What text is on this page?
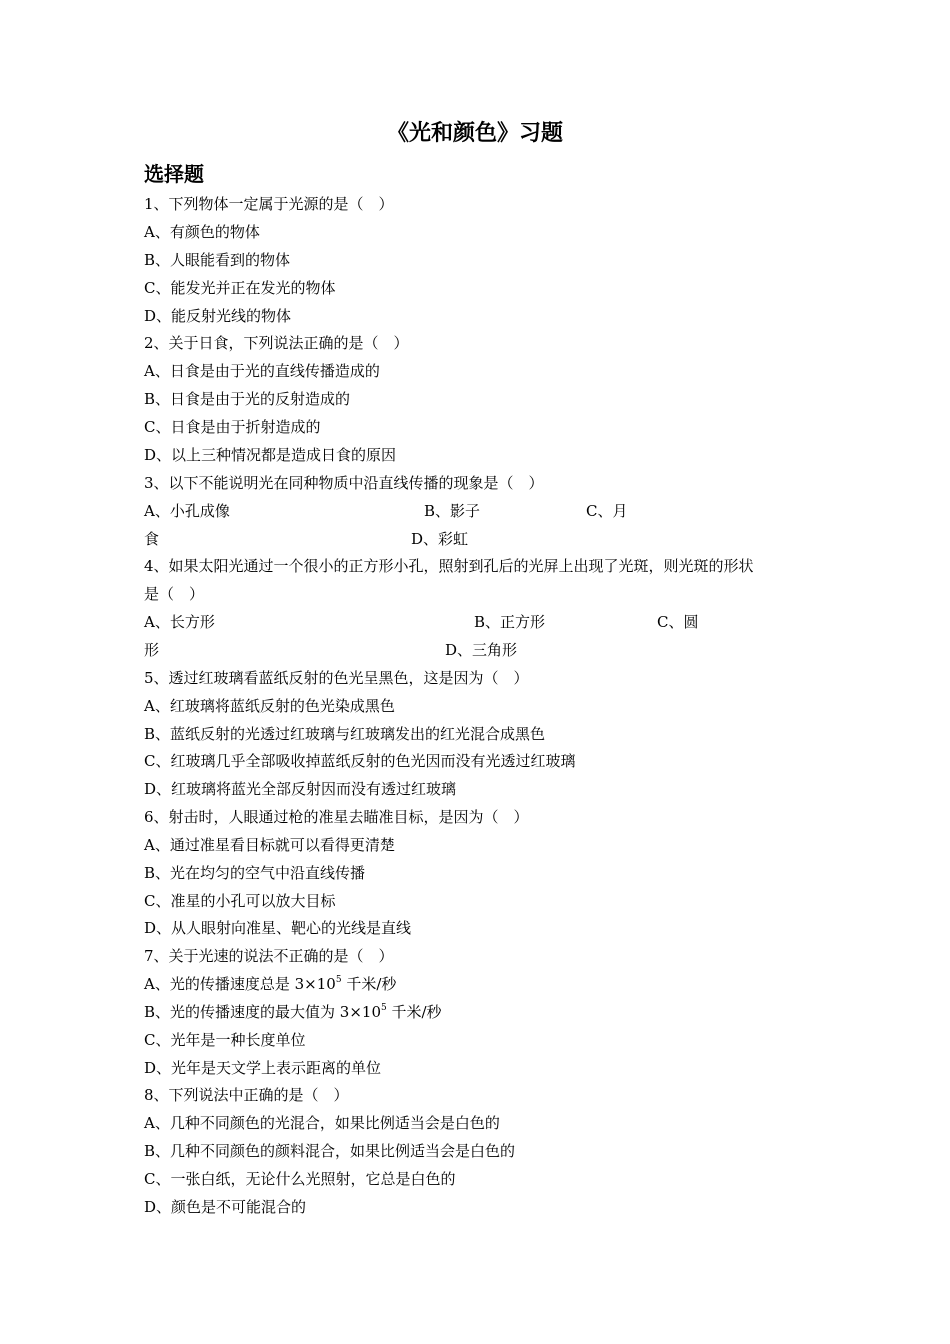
《光和颜色》习题
选择题
1、下列物体一定属于光源的是（　）
A、有颜色的物体
B、人眼能看到的物体
C、能发光并正在发光的物体
D、能反射光线的物体
2、关于日食，下列说法正确的是（　）
A、日食是由于光的直线传播造成的
B、日食是由于光的反射造成的
C、日食是由于折射造成的
D、以上三种情况都是造成日食的原因
3、以下不能说明光在同种物质中沿直线传播的现象是（　）
A、小孔成像	B、影子	C、月
食	D、彩虹
4、如果太阳光通过一个很小的正方形小孔，照射到孔后的光屏上出现了光斑，则光斑的形状
是（　）
A、长方形	B、正方形	C、圆
形	D、三角形
5、透过红玻璃看蓝纸反射的色光呈黑色，这是因为（　）
A、红玻璃将蓝纸反射的色光染成黑色
B、蓝纸反射的光透过红玻璃与红玻璃发出的红光混合成黑色
C、红玻璃几乎全部吸收掉蓝纸反射的色光因而没有光透过红玻璃
D、红玻璃将蓝光全部反射因而没有透过红玻璃
6、射击时，人眼通过枪的准星去瞄准目标，是因为（　）
A、通过准星看目标就可以看得更清楚
B、光在均匀的空气中沿直线传播
C、准星的小孔可以放大目标
D、从人眼射向准星、靶心的光线是直线
7、关于光速的说法不正确的是（　）
A、光的传播速度总是 $3\times 10^5$ 千米/秒
B、光的传播速度的最大值为 $3\times 10^5$ 千米/秒
C、光年是一种长度单位
D、光年是天文学上表示距离的单位
8、下列说法中正确的是（　）
A、几种不同颜色的光混合，如果比例适当会是白色的
B、几种不同颜色的颜料混合，如果比例适当会是白色的
C、一张白纸，无论什么光照射，它总是白色的
D、颜色是不可能混合的
